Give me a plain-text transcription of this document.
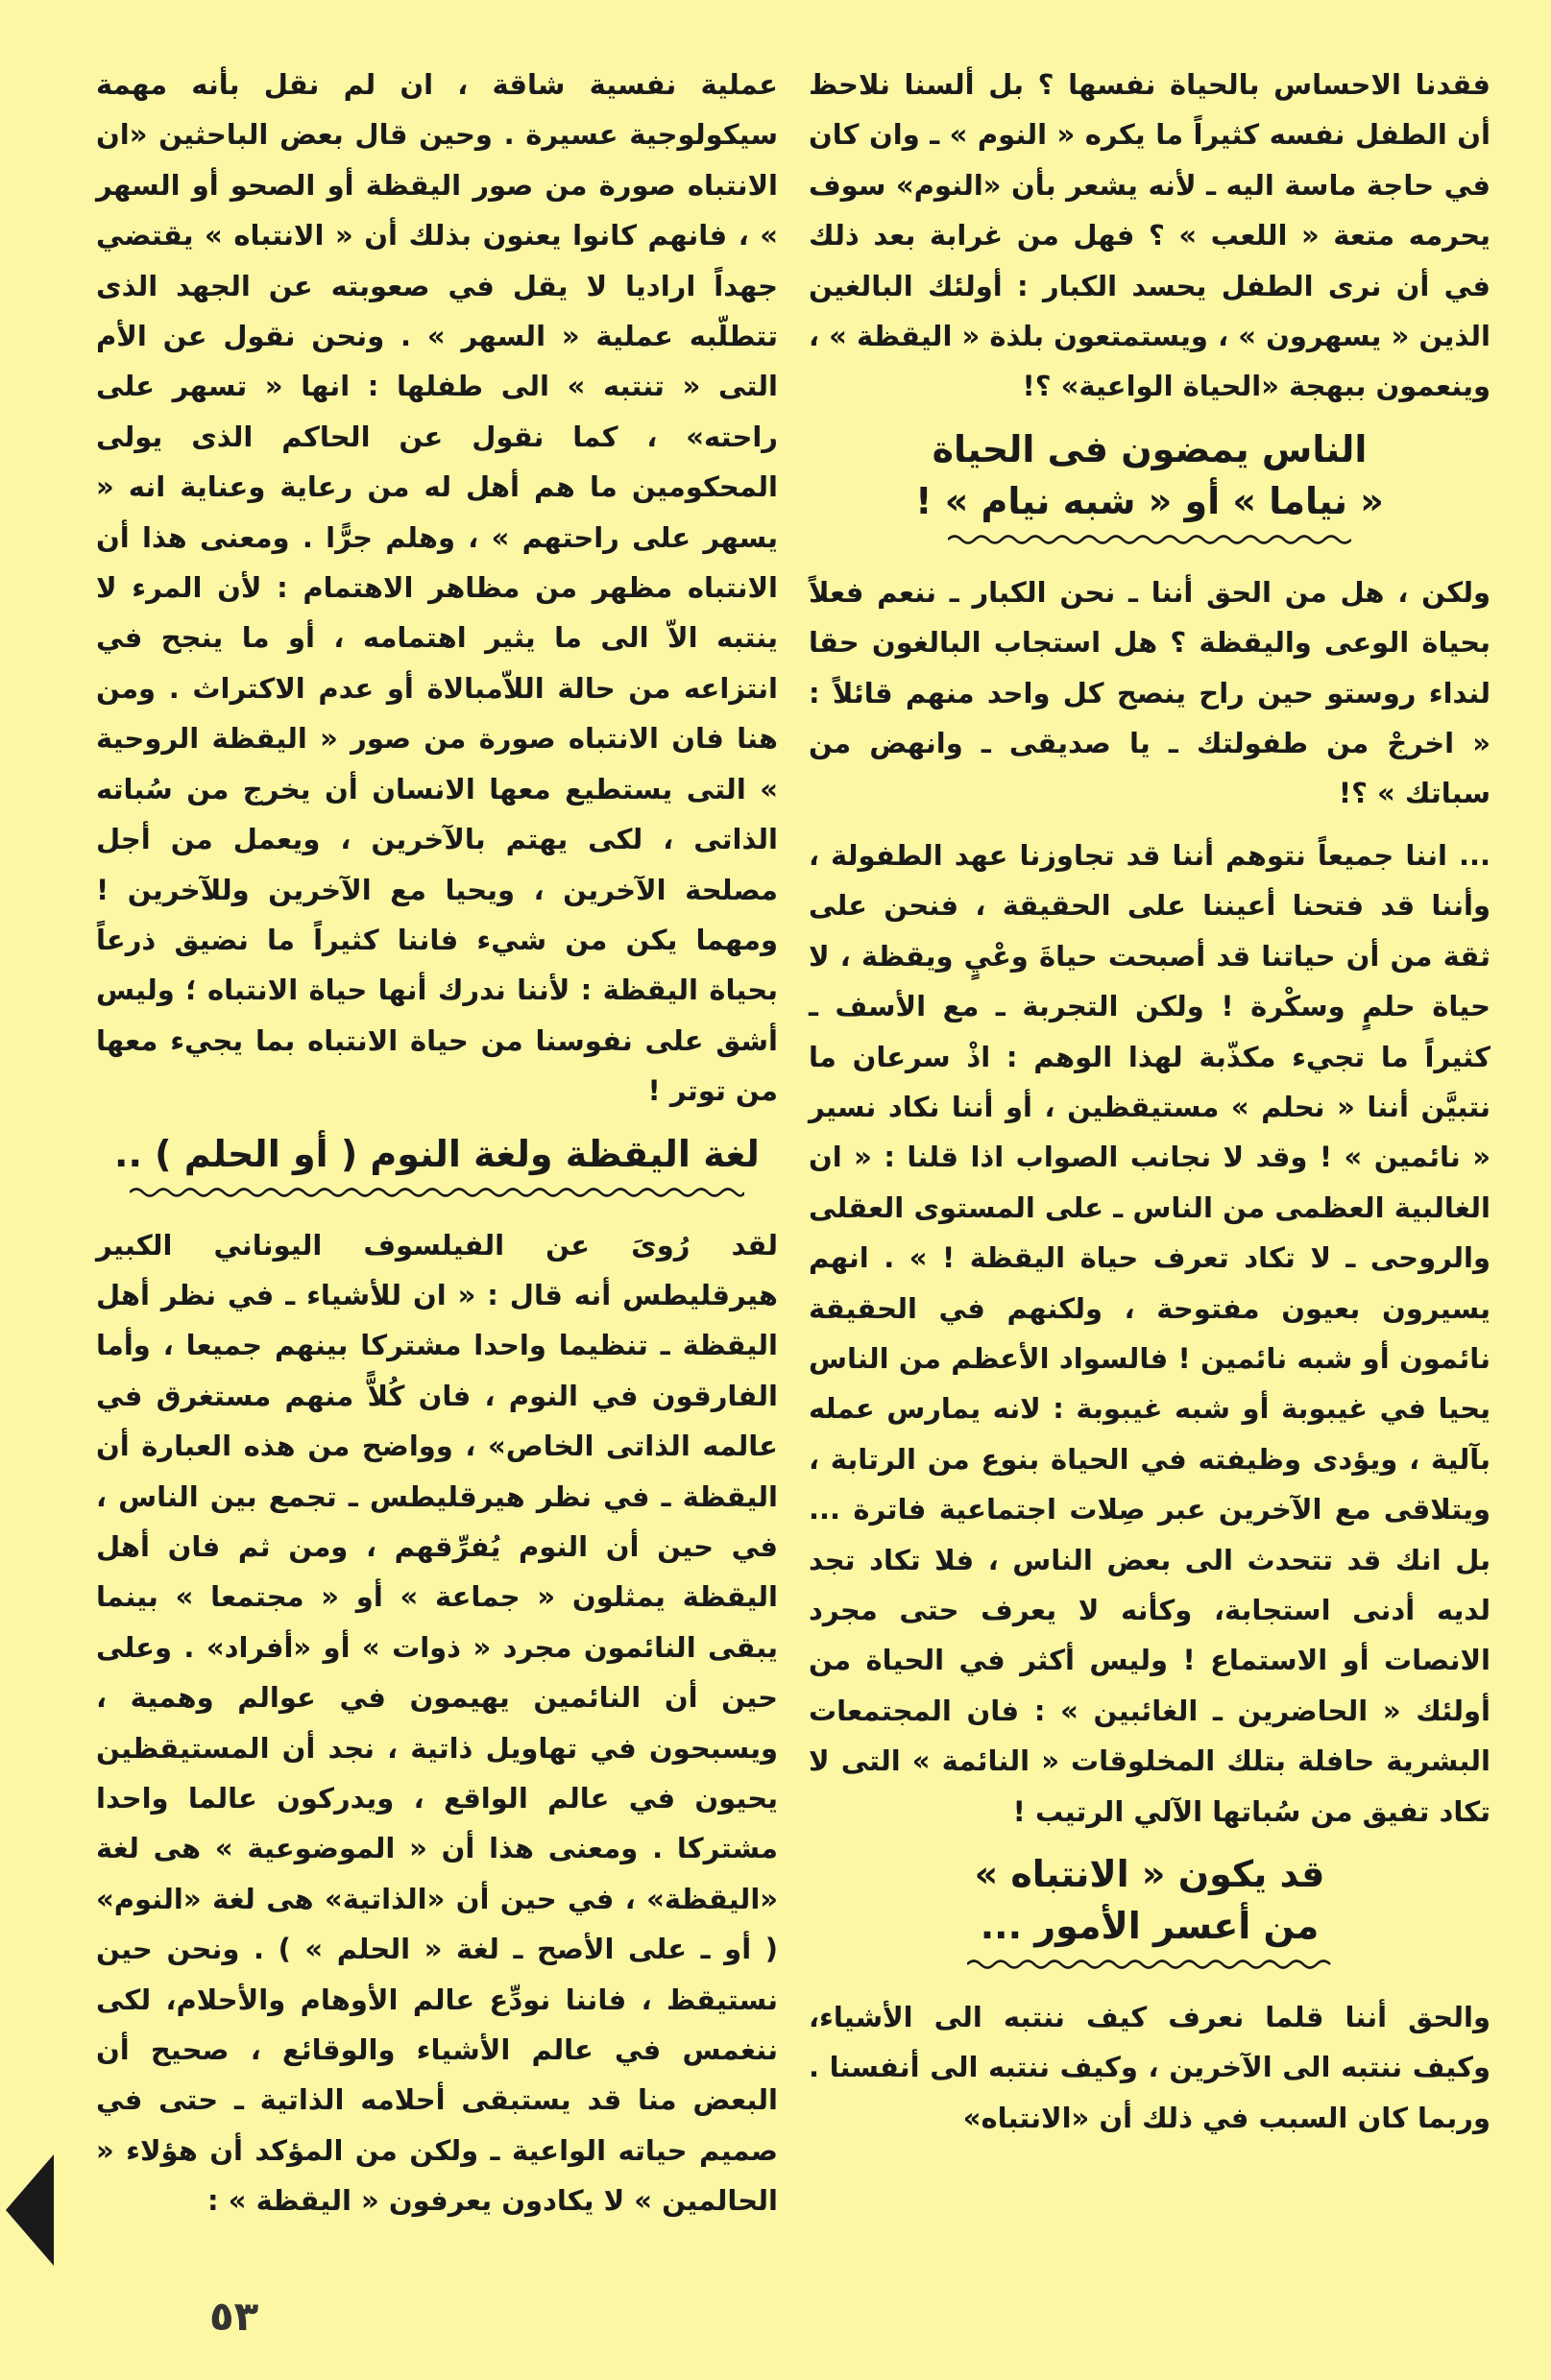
فقدنا الاحساس بالحياة نفسها ؟ بل ألسنا نلاحظ أن الطفل نفسه كثيراً ما يكره « النوم » ـ وان كان في حاجة ماسة اليه ـ لأنه يشعر بأن «النوم» سوف يحرمه متعة « اللعب » ؟ فهل من غرابة بعد ذلك في أن نرى الطفل يحسد الكبار : أولئك البالغين الذين « يسهرون » ، ويستمتعون بلذة « اليقظة » ، وينعمون ببهجة «الحياة الواعية» ؟!

الناس يمضون فى الحياة

« نياما » أو « شبه نيام » !

ولكن ، هل من الحق أننا ـ نحن الكبار ـ ننعم فعلاً بحياة الوعى واليقظة ؟ هل استجاب البالغون حقا لنداء روستو حين راح ينصح كل واحد منهم قائلاً : « اخرجْ من طفولتك ـ يا صديقى ـ وانهض من سباتك » ؟!

... اننا جميعاً نتوهم أننا قد تجاوزنا عهد الطفولة ، وأننا قد فتحنا أعيننا على الحقيقة ، فنحن على ثقة من أن حياتنا قد أصبحت حياةَ وعْيٍ ويقظة ، لا حياة حلمٍ وسكْرة ! ولكن التجربة ـ مع الأسف ـ كثيراً ما تجيء مكذّبة لهذا الوهم : اذْ سرعان ما نتبيَّن أننا « نحلم » مستيقظين ، أو أننا نكاد نسير « نائمين » ! وقد لا نجانب الصواب اذا قلنا : « ان الغالبية العظمى من الناس ـ على المستوى العقلى والروحى ـ لا تكاد تعرف حياة اليقظة ! » . انهم يسيرون بعيون مفتوحة ، ولكنهم في الحقيقة نائمون أو شبه نائمين ! فالسواد الأعظم من الناس يحيا في غيبوبة أو شبه غيبوبة : لانه يمارس عمله بآلية ، ويؤدى وظيفته في الحياة بنوع من الرتابة ، ويتلاقى مع الآخرين عبر صِلات اجتماعية فاترة ... بل انك قد تتحدث الى بعض الناس ، فلا تكاد تجد لديه أدنى استجابة، وكأنه لا يعرف حتى مجرد الانصات أو الاستماع ! وليس أكثر في الحياة من أولئك « الحاضرين ـ الغائبين » : فان المجتمعات البشرية حافلة بتلك المخلوقات « النائمة » التى لا تكاد تفيق من سُباتها الآلي الرتيب !

قد يكون « الانتباه »

من أعسر الأمور ...

والحق أننا قلما نعرف كيف ننتبه الى الأشياء، وكيف ننتبه الى الآخرين ، وكيف ننتبه الى أنفسنا . وربما كان السبب في ذلك أن «الانتباه»

عملية نفسية شاقة ، ان لم نقل بأنه مهمة سيكولوجية عسيرة . وحين قال بعض الباحثين «ان الانتباه صورة من صور اليقظة أو الصحو أو السهر » ، فانهم كانوا يعنون بذلك أن « الانتباه » يقتضي جهداً اراديا لا يقل في صعوبته عن الجهد الذى تتطلّبه عملية « السهر » . ونحن نقول عن الأم التى « تنتبه » الى طفلها : انها « تسهر على راحته» ، كما نقول عن الحاكم الذى يولى المحكومين ما هم أهل له من رعاية وعناية انه « يسهر على راحتهم » ، وهلم جرًّا . ومعنى هذا أن الانتباه مظهر من مظاهر الاهتمام : لأن المرء لا ينتبه الاّ الى ما يثير اهتمامه ، أو ما ينجح في انتزاعه من حالة اللاّمبالاة أو عدم الاكتراث . ومن هنا فان الانتباه صورة من صور « اليقظة الروحية » التى يستطيع معها الانسان أن يخرج من سُباته الذاتى ، لكى يهتم بالآخرين ، ويعمل من أجل مصلحة الآخرين ، ويحيا مع الآخرين وللآخرين ! ومهما يكن من شيء فاننا كثيراً ما نضيق ذرعاً بحياة اليقظة : لأننا ندرك أنها حياة الانتباه ؛ وليس أشق على نفوسنا من حياة الانتباه بما يجيء معها من توتر !

لغة اليقظة ولغة النوم ( أو الحلم ) ..

لقد رُوىَ عن الفيلسوف اليوناني الكبير هيرقليطس أنه قال : « ان للأشياء ـ في نظر أهل اليقظة ـ تنظيما واحدا مشتركا بينهم جميعا ، وأما الفارقون في النوم ، فان كُلاًّ منهم مستغرق في عالمه الذاتى الخاص» ، وواضح من هذه العبارة أن اليقظة ـ في نظر هيرقليطس ـ تجمع بين الناس ، في حين أن النوم يُفرِّقهم ، ومن ثم فان أهل اليقظة يمثلون « جماعة » أو « مجتمعا » بينما يبقى النائمون مجرد « ذوات » أو «أفراد» . وعلى حين أن النائمين يهيمون في عوالم وهمية ، ويسبحون في تهاويل ذاتية ، نجد أن المستيقظين يحيون في عالم الواقع ، ويدركون عالما واحدا مشتركا . ومعنى هذا أن « الموضوعية » هى لغة «اليقظة» ، في حين أن «الذاتية» هى لغة «النوم» ( أو ـ على الأصح ـ لغة « الحلم » ) . ونحن حين نستيقظ ، فاننا نودِّع عالم الأوهام والأحلام، لكى ننغمس في عالم الأشياء والوقائع ، صحيح أن البعض منا قد يستبقى أحلامه الذاتية ـ حتى في صميم حياته الواعية ـ ولكن من المؤكد أن هؤلاء « الحالمين » لا يكادون يعرفون « اليقظة » :

٥٣
